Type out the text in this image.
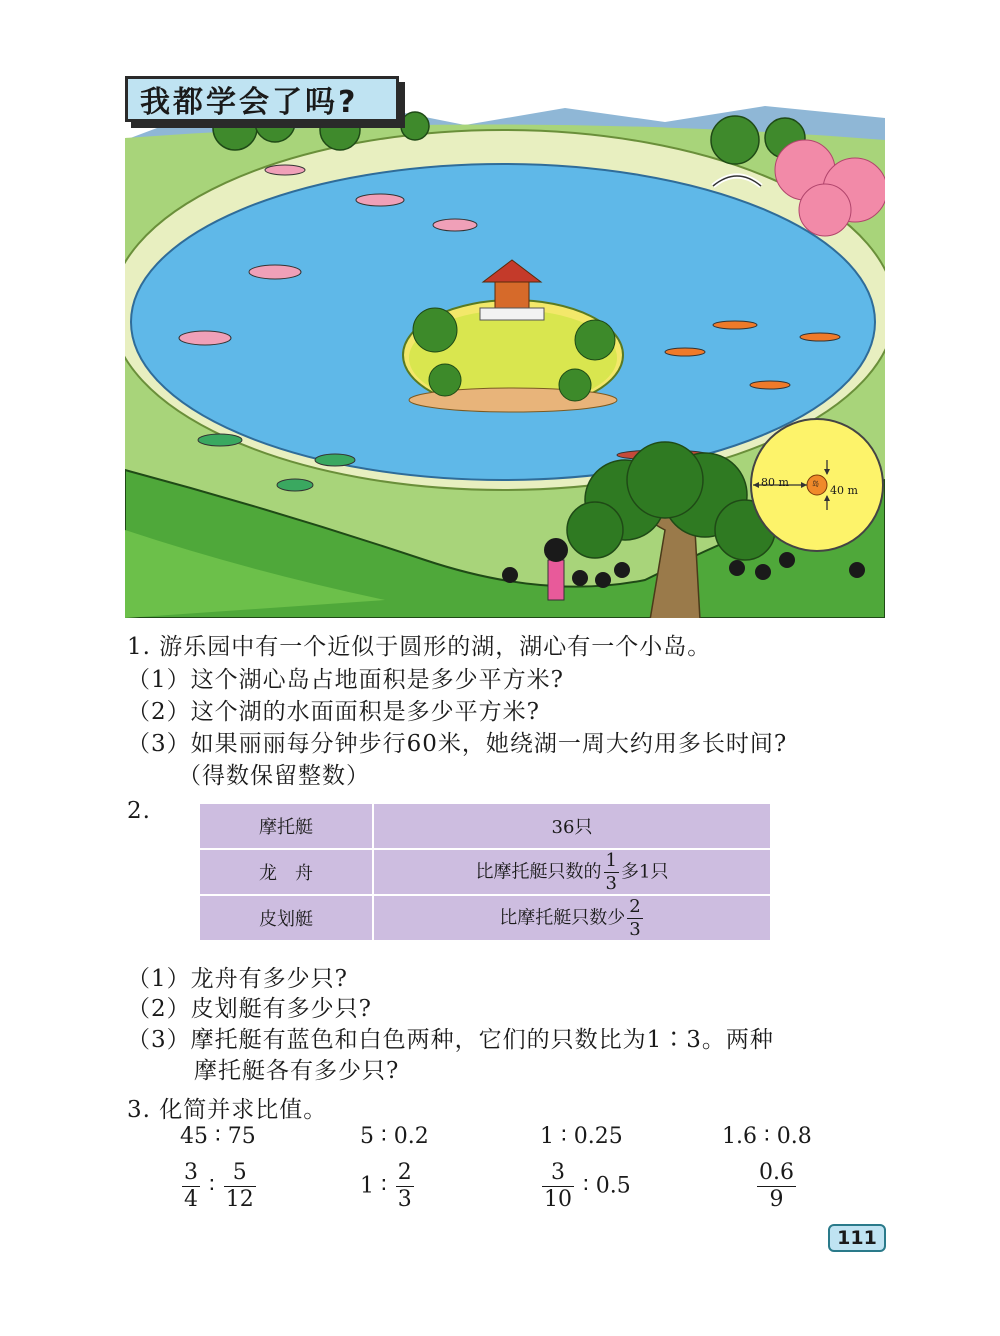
80 m
40 m
岛
我都学会了吗?
1. 游乐园中有一个近似于圆形的湖，湖心有一个小岛。
（1）这个湖心岛占地面积是多少平方米?
（2）这个湖的水面面积是多少平方米?
（3）如果丽丽每分钟步行60米，她绕湖一周大约用多长时间?
（得数保留整数）
2.
摩托艇	36只
龙　舟	比摩托艇只数的 $\frac{1}{3}$ 多1只
皮划艇	比摩托艇只数少 $\frac{2}{3}$
（1）龙舟有多少只?
（2）皮划艇有多少只?
（3）摩托艇有蓝色和白色两种，它们的只数比为1∶3。两种
摩托艇各有多少只?
3. 化简并求比值。
45 ∶ 75	5 ∶ 0.2	1 ∶ 0.25	1.6 ∶ 0.8
$\frac{3}{4}$ ∶ $\frac{5}{12}$	1 ∶ $\frac{2}{3}$	$\frac{3}{10}$ ∶ 0.5	$\frac{0.6}{9}$
111
